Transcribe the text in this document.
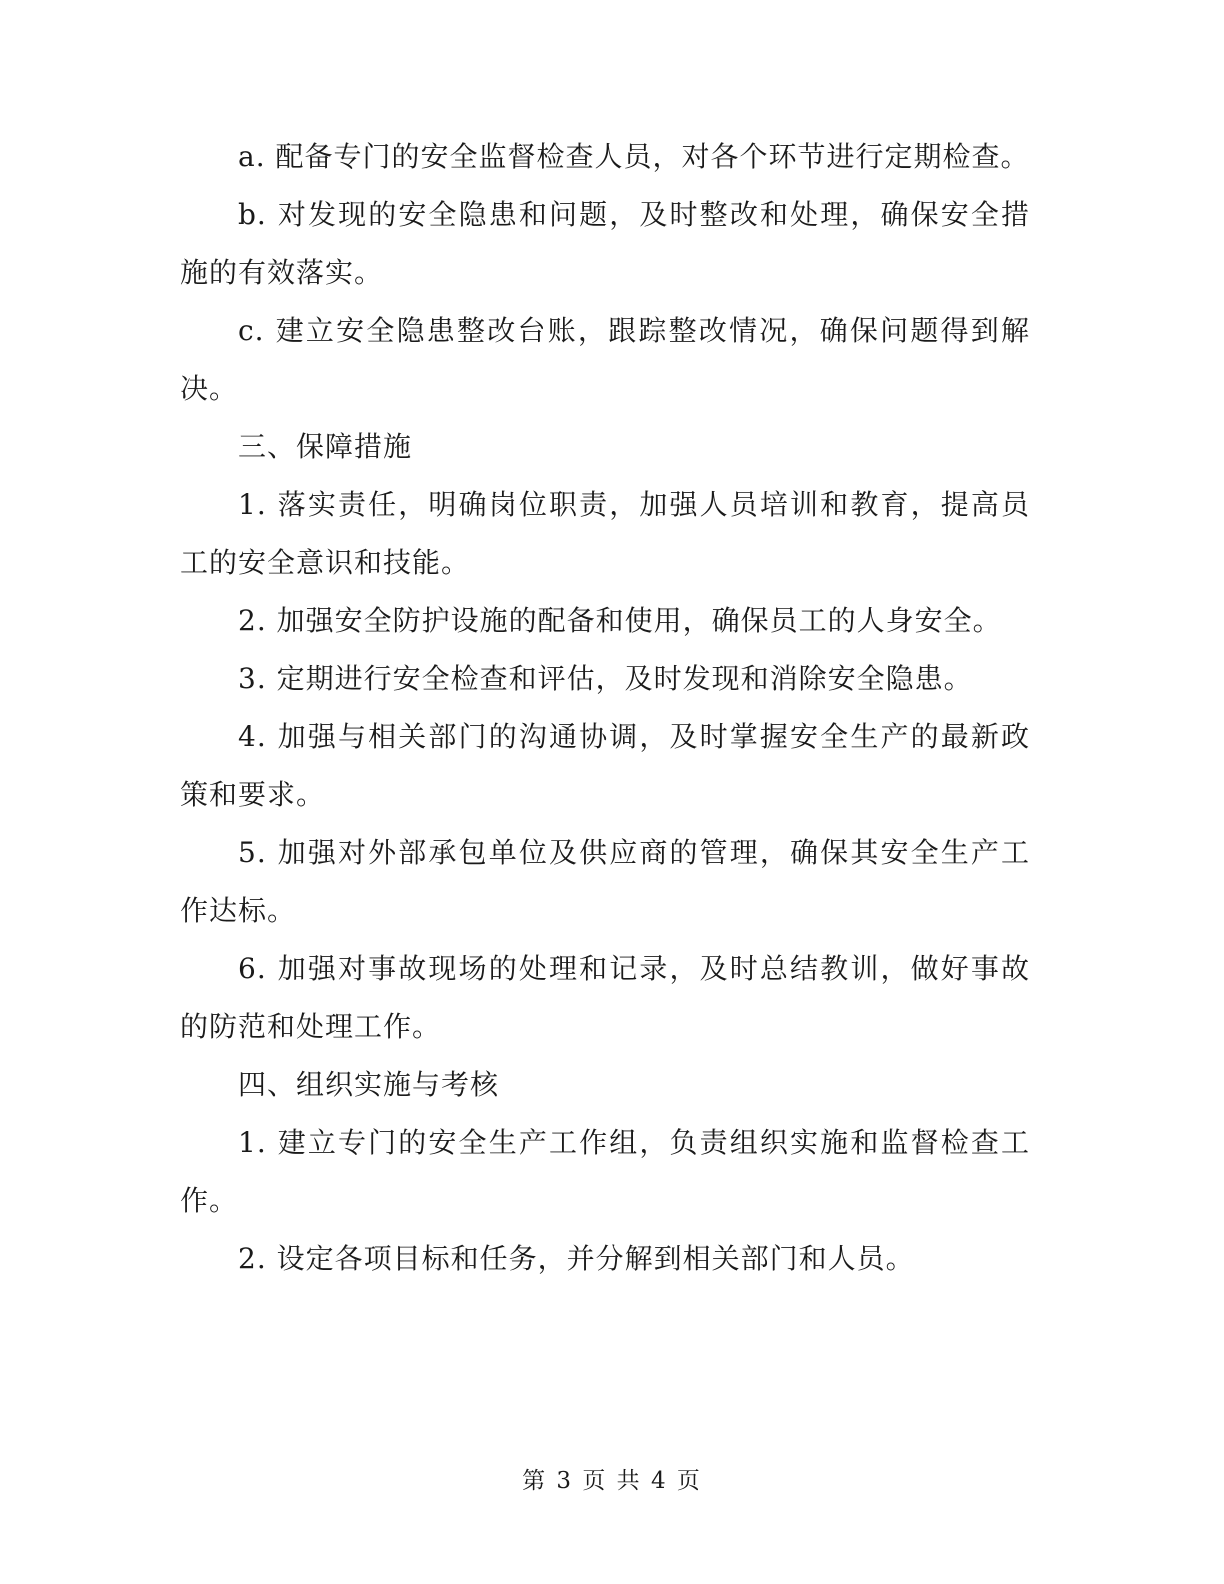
a. 配备专门的安全监督检查人员，对各个环节进行定期检查。

b. 对发现的安全隐患和问题，及时整改和处理，确保安全措施的有效落实。

c. 建立安全隐患整改台账，跟踪整改情况，确保问题得到解决。

三、保障措施

1. 落实责任，明确岗位职责，加强人员培训和教育，提高员工的安全意识和技能。

2. 加强安全防护设施的配备和使用，确保员工的人身安全。

3. 定期进行安全检查和评估，及时发现和消除安全隐患。

4. 加强与相关部门的沟通协调，及时掌握安全生产的最新政策和要求。

5. 加强对外部承包单位及供应商的管理，确保其安全生产工作达标。

6. 加强对事故现场的处理和记录，及时总结教训，做好事故的防范和处理工作。

四、组织实施与考核

1. 建立专门的安全生产工作组，负责组织实施和监督检查工作。

2. 设定各项目标和任务，并分解到相关部门和人员。

第 3 页 共 4 页
